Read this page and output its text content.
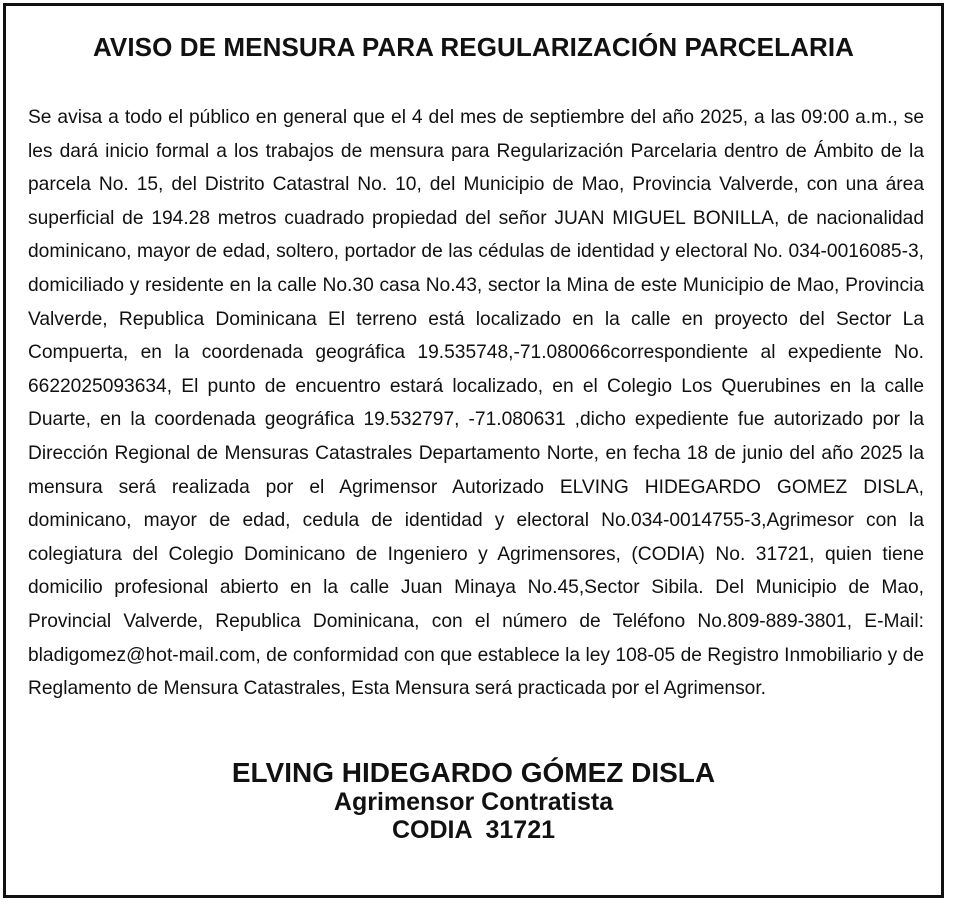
AVISO DE MENSURA PARA REGULARIZACIÓN PARCELARIA

Se avisa a todo el público en general que el 4 del mes de septiembre del año 2025, a las 09:00 a.m., se les dará inicio formal a los trabajos de mensura para Regularización Parcelaria dentro de Ámbito de la parcela No. 15, del Distrito Catastral No. 10, del Municipio de Mao, Provincia Valverde, con una área superficial de 194.28 metros cuadrado propiedad del señor JUAN MIGUEL BONILLA, de nacionalidad dominicano, mayor de edad, soltero, portador de las cédulas de identidad y electoral No. 034-0016085-3, domiciliado y residente en la calle No.30 casa No.43, sector la Mina de este Municipio de Mao, Provincia Valverde, Republica Dominicana El terreno está localizado en la calle en proyecto del Sector La Compuerta, en la coordenada geográfica 19.535748,-71.080066correspondiente al expediente No. 6622025093634, El punto de encuentro estará localizado, en el Colegio Los Querubines en la calle Duarte, en la coordenada geográfica 19.532797, -71.080631 ,dicho expediente fue autorizado por la Dirección Regional de Mensuras Catastrales Departamento Norte, en fecha 18 de junio del año 2025 la mensura será realizada por el Agrimensor Autorizado ELVING HIDEGARDO GOMEZ DISLA, dominicano, mayor de edad, cedula de identidad y electoral No.034-0014755-3,Agrimesor con la colegiatura del Colegio Dominicano de Ingeniero y Agrimensores, (CODIA) No. 31721, quien tiene domicilio profesional abierto en la calle Juan Minaya No.45,Sector Sibila. Del Municipio de Mao, Provincial Valverde, Republica Dominicana, con el número de Teléfono No.809-889-3801, E-Mail: bladigomez@hot-mail.com, de conformidad con que establece la ley 108-05 de Registro Inmobiliario y de Reglamento de Mensura Catastrales, Esta Mensura será practicada por el Agrimensor.

ELVING HIDEGARDO GÓMEZ DISLA
Agrimensor Contratista
CODIA  31721
